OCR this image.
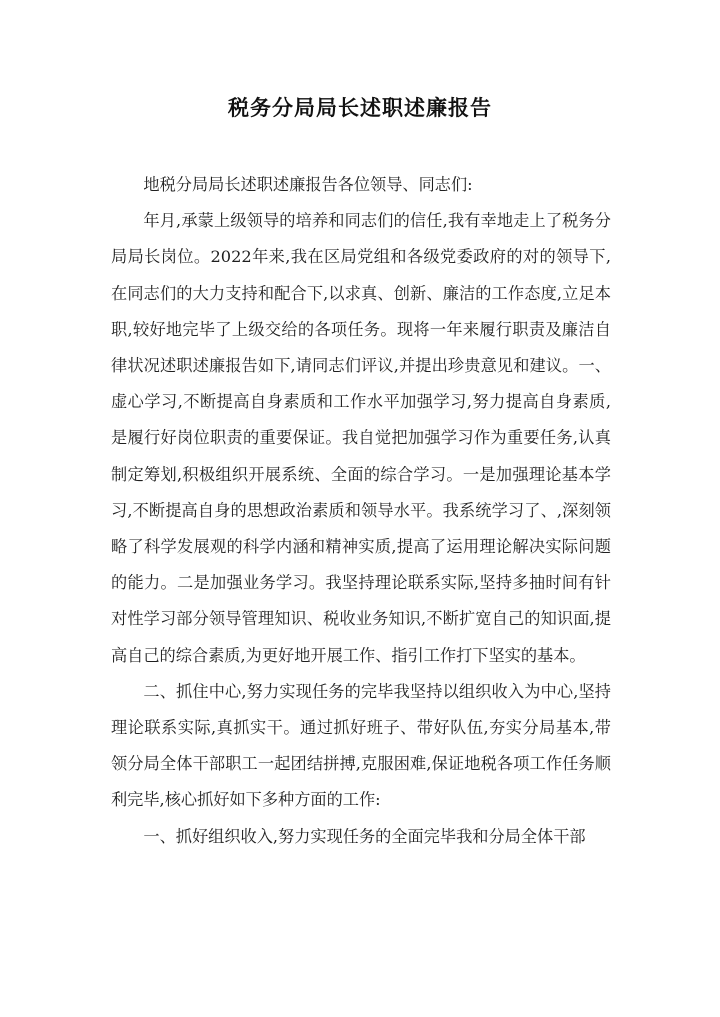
税务分局局长述职述廉报告

地税分局局长述职述廉报告各位领导、同志们:

年月,承蒙上级领导的培养和同志们的信任,我有幸地走上了税务分局局长岗位。2022年来,我在区局党组和各级党委政府的对的领导下,在同志们的大力支持和配合下,以求真、创新、廉洁的工作态度,立足本职,较好地完毕了上级交给的各项任务。现将一年来履行职责及廉洁自律状况述职述廉报告如下,请同志们评议,并提出珍贵意见和建议。一、虚心学习,不断提高自身素质和工作水平加强学习,努力提高自身素质,是履行好岗位职责的重要保证。我自觉把加强学习作为重要任务,认真制定筹划,积极组织开展系统、全面的综合学习。一是加强理论基本学习,不断提高自身的思想政治素质和领导水平。我系统学习了、,深刻领略了科学发展观的科学内涵和精神实质,提高了运用理论解决实际问题的能力。二是加强业务学习。我坚持理论联系实际,坚持多抽时间有针对性学习部分领导管理知识、税收业务知识,不断扩宽自己的知识面,提高自己的综合素质,为更好地开展工作、指引工作打下坚实的基本。

二、抓住中心,努力实现任务的完毕我坚持以组织收入为中心,坚持理论联系实际,真抓实干。通过抓好班子、带好队伍,夯实分局基本,带领分局全体干部职工一起团结拼搏,克服困难,保证地税各项工作任务顺利完毕,核心抓好如下多种方面的工作:

一、抓好组织收入,努力实现任务的全面完毕我和分局全体干部
